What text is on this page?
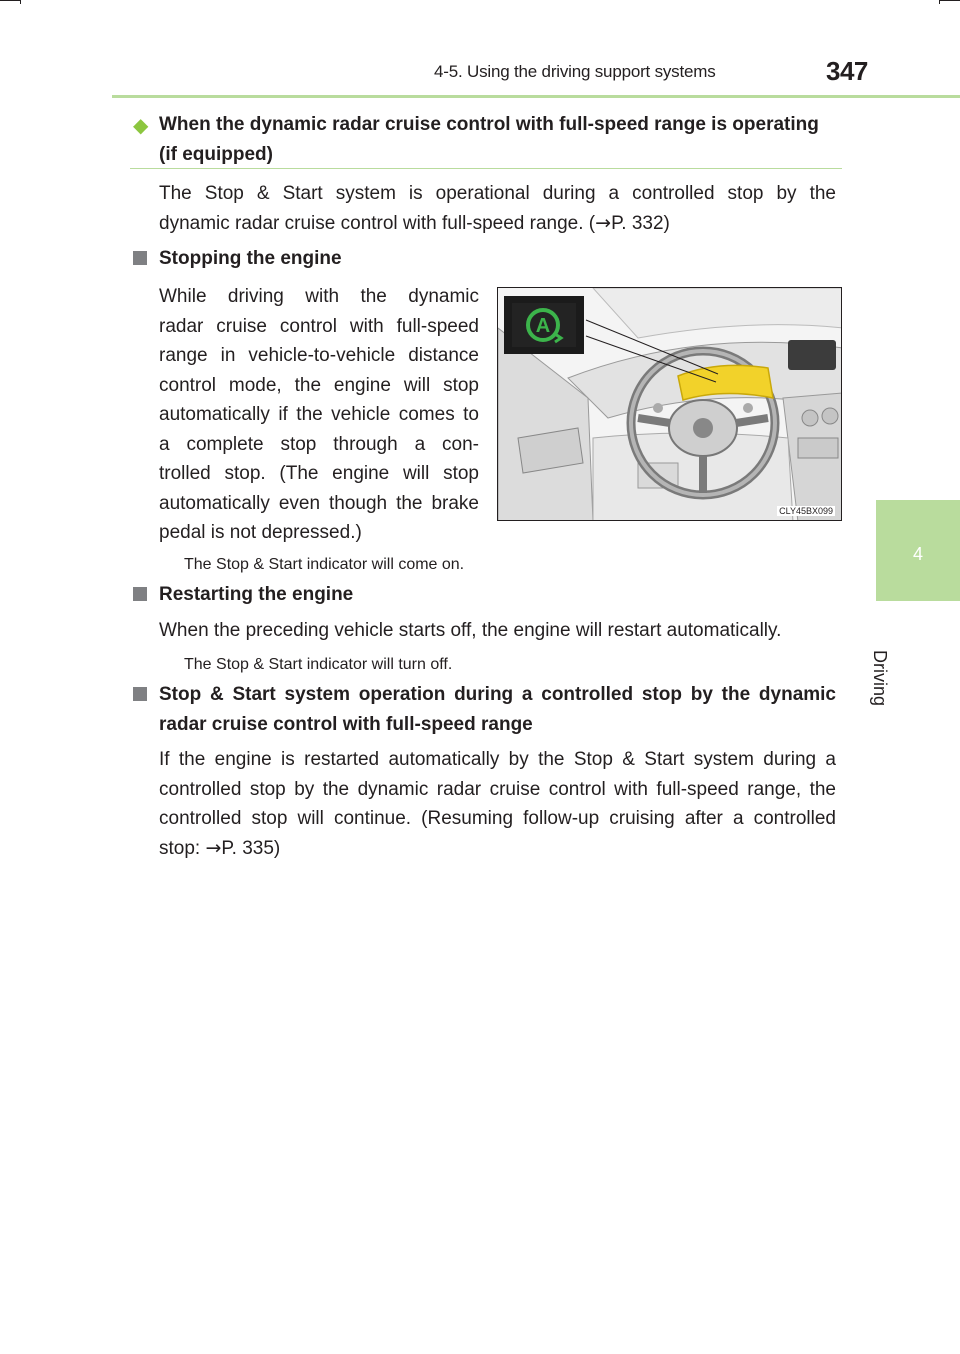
4-5. Using the driving support systems	347
4
Driving
◆ When the dynamic radar cruise control with full-speed range is operating
(if equipped)
The Stop & Start system is operational during a controlled stop by the
dynamic radar cruise control with full-speed range. (→P. 332)
Stopping the engine
While driving with the dynamic
radar cruise control with full-speed
range in vehicle-to-vehicle distance
control mode, the engine will stop
automatically if the vehicle comes to
a complete stop through a con-
trolled stop. (The engine will stop
automatically even though the brake
pedal is not depressed.)
The Stop & Start indicator will come on.
A
CLY45BX099
Restarting the engine
When the preceding vehicle starts off, the engine will restart automatically.
The Stop & Start indicator will turn off.
Stop & Start system operation during a controlled stop by the dynamic
radar cruise control with full-speed range
If the engine is restarted automatically by the Stop & Start system during a
controlled stop by the dynamic radar cruise control with full-speed range, the
controlled stop will continue. (Resuming follow-up cruising after a controlled
stop: →P. 335)
